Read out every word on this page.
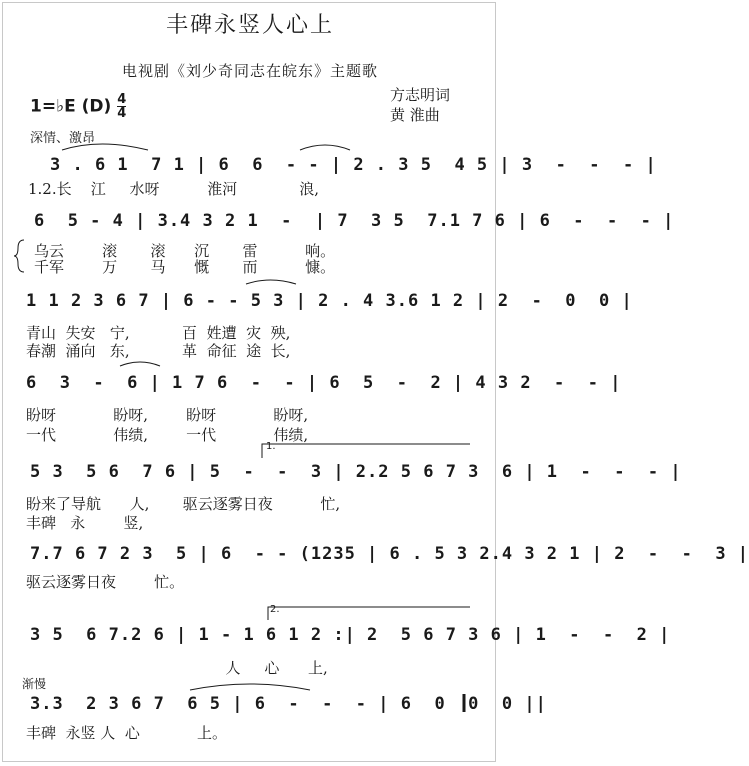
丰碑永竖人心上
电视剧《刘少奇同志在皖东》主题歌
1=♭E $(D) \frac{4}{4}$	方志明词
黄 淮曲
深情、激昂
3 . 6 1  7 1 | 6  6  - - | 2 . 3 5  4 5 | 3  -  -  - |
1.2.长    江     水呀          淮河             浪,
6  5 - 4 | 3.4 3 2 1  -  | 7  3 5  7.1 7 6 | 6  -  -  - |
乌云        滚       滚      沉       雷          响。
千军        万       马      慨       而          慷。
1 1 2 3 6 7 | 6 - - 5 3 | 2 . 4 3.6 1 2 | 2  -  0  0 |
青山  失安   宁,           百  姓遭  灾  殃,
春潮  涌向   东,           革  命征  途  长,
6  3  -  6 | 1 7 6  -  - | 6  5  -  2 | 4 3 2  -  - |
盼呀            盼呀,        盼呀            盼呀,
一代            伟绩,        一代            伟绩,
1.
5 3  5 6  7 6 | 5  -  -  3 | 2.2 5 6 7 3  6 | 1  -  -  - |
盼来了导航      人,       驱云逐雾日夜          忙,
丰碑   永        竖,
7.7 6 7 2 3  5 | 6  - - (1235 | 6 . 5 3 2.4 3 2 1 | 2  -  -  3 |
驱云逐雾日夜        忙。
2.
3 5  6 7.2 6 | 1 - 1 6 1 2 :| 2  5 6 7 3 6 | 1  -  -  2 |
人     心      上,
渐慢
3.3  2 3 6 7  6 5 | 6  -  -  - | 6  0  0  0 ||
丰碑  永竖 人  心            上。
